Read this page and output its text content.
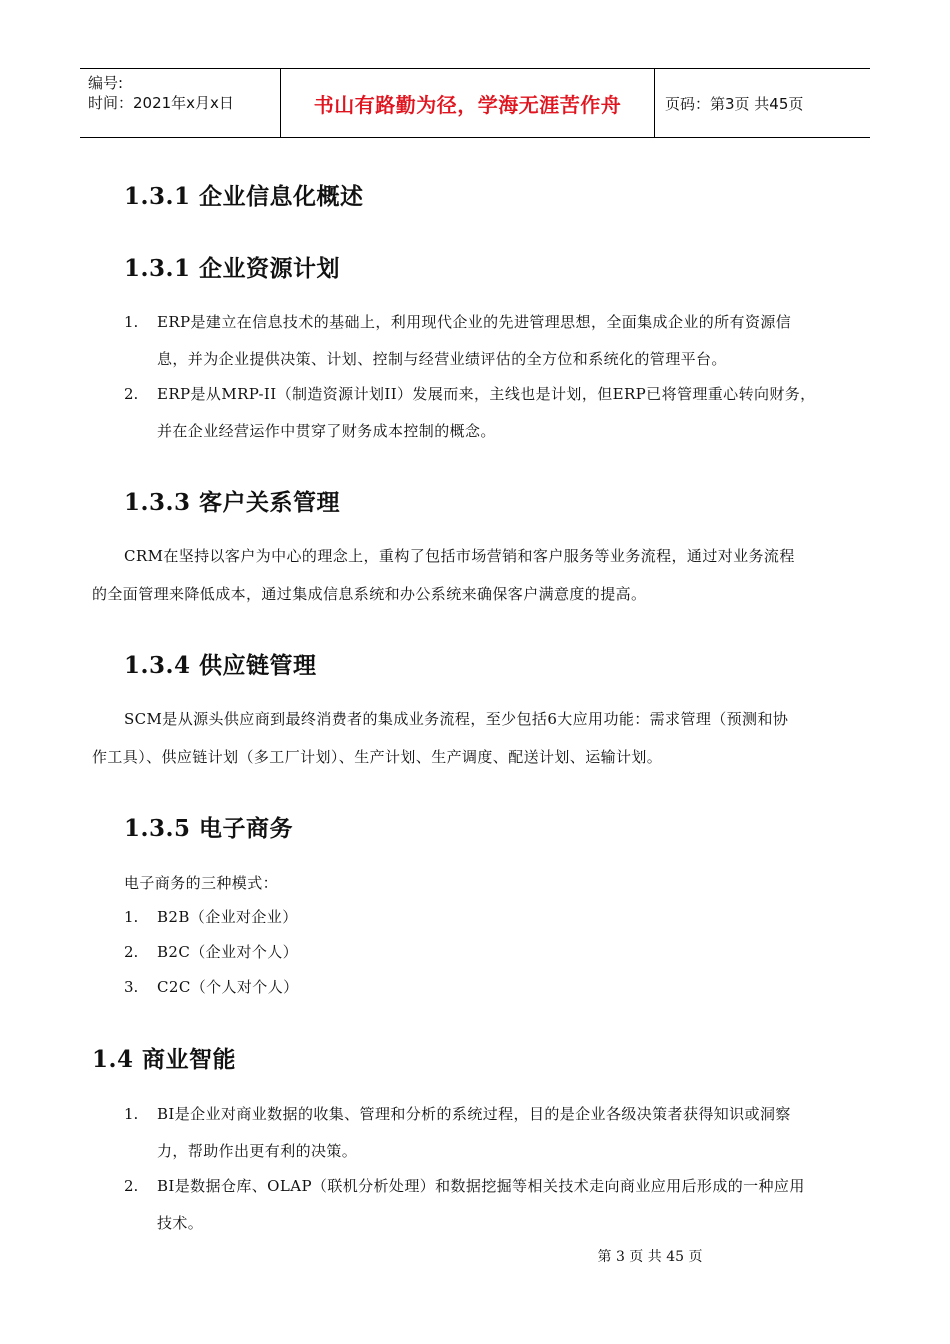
编号:
时间：2021年x月x日	书山有路勤为径，学海无涯苦作舟	页码：第3页 共45页
1.3.1 企业信息化概述
1.3.1 企业资源计划
1. ERP是建立在信息技术的基础上，利用现代企业的先进管理思想，全面集成企业的所有资源信
息，并为企业提供决策、计划、控制与经营业绩评估的全方位和系统化的管理平台。
2. ERP是从MRP-II（制造资源计划II）发展而来，主线也是计划，但ERP已将管理重心转向财务，
并在企业经营运作中贯穿了财务成本控制的概念。
1.3.3 客户关系管理
CRM在坚持以客户为中心的理念上，重构了包括市场营销和客户服务等业务流程，通过对业务流程
的全面管理来降低成本，通过集成信息系统和办公系统来确保客户满意度的提高。
1.3.4 供应链管理
SCM是从源头供应商到最终消费者的集成业务流程，至少包括6大应用功能：需求管理（预测和协
作工具）、供应链计划（多工厂计划）、生产计划、生产调度、配送计划、运输计划。
1.3.5 电子商务
电子商务的三种模式：
1. B2B（企业对企业）
2. B2C（企业对个人）
3. C2C（个人对个人）
1.4 商业智能
1. BI是企业对商业数据的收集、管理和分析的系统过程，目的是企业各级决策者获得知识或洞察
力，帮助作出更有利的决策。
2. BI是数据仓库、OLAP（联机分析处理）和数据挖掘等相关技术走向商业应用后形成的一种应用
技术。
第 3 页 共 45 页
